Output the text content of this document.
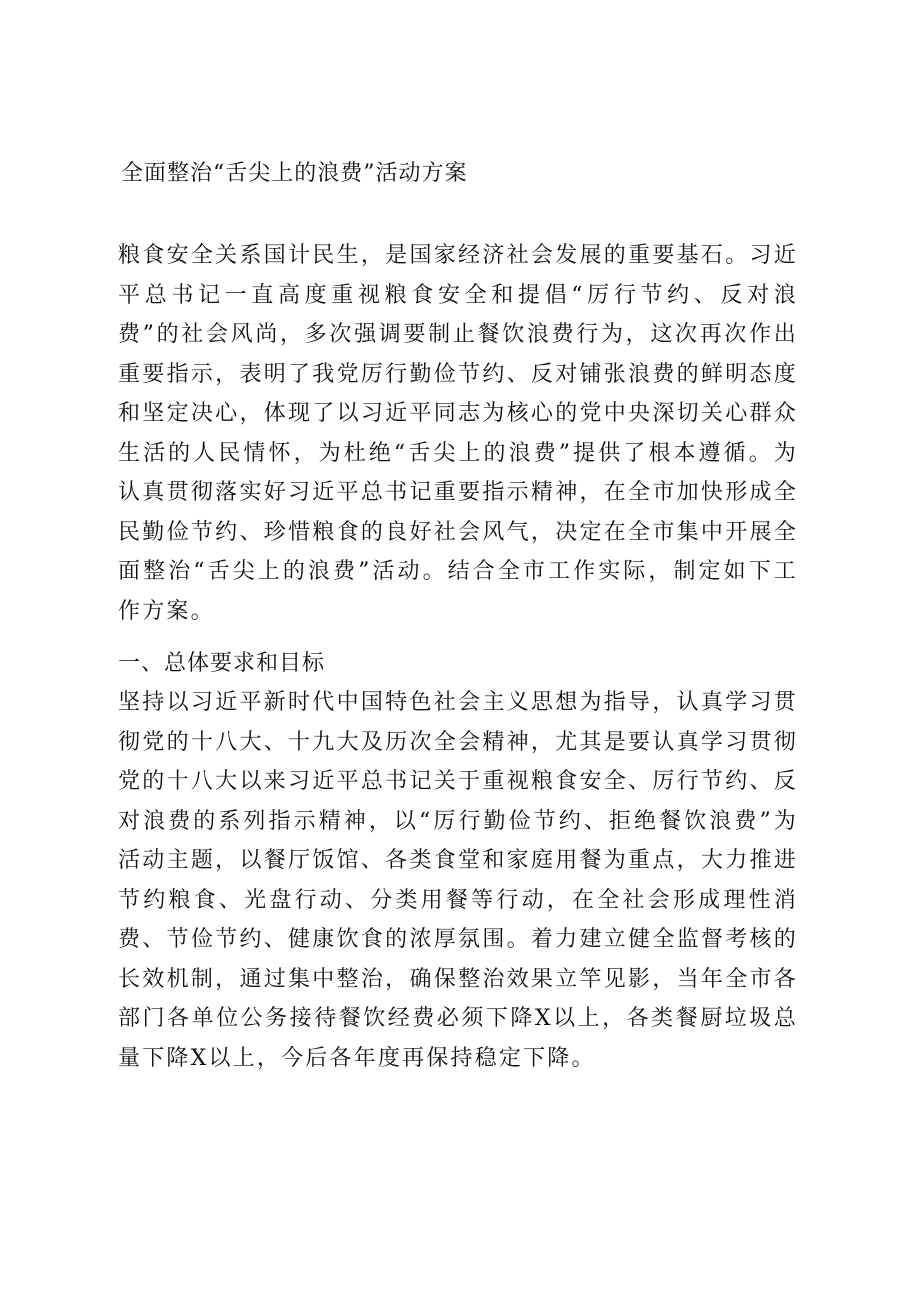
全面整治“舌尖上的浪费”活动方案
粮食安全关系国计民生，是国家经济社会发展的重要基石。习近平总书记一直高度重视粮食安全和提倡“厉行节约、反对浪费”的社会风尚，多次强调要制止餐饮浪费行为，这次再次作出重要指示，表明了我党厉行勤俭节约、反对铺张浪费的鲜明态度和坚定决心，体现了以习近平同志为核心的党中央深切关心群众生活的人民情怀，为杜绝“舌尖上的浪费”提供了根本遵循。为认真贯彻落实好习近平总书记重要指示精神，在全市加快形成全民勤俭节约、珍惜粮食的良好社会风气，决定在全市集中开展全面整治“舌尖上的浪费”活动。结合全市工作实际，制定如下工作方案。
一、总体要求和目标
坚持以习近平新时代中国特色社会主义思想为指导，认真学习贯彻党的十八大、十九大及历次全会精神，尤其是要认真学习贯彻党的十八大以来习近平总书记关于重视粮食安全、厉行节约、反对浪费的系列指示精神，以“厉行勤俭节约、拒绝餐饮浪费”为活动主题，以餐厅饭馆、各类食堂和家庭用餐为重点，大力推进节约粮食、光盘行动、分类用餐等行动，在全社会形成理性消费、节俭节约、健康饮食的浓厚氛围。着力建立健全监督考核的长效机制，通过集中整治，确保整治效果立竿见影，当年全市各部门各单位公务接待餐饮经费必须下降X以上，各类餐厨垃圾总量下降X以上，今后各年度再保持稳定下降。
